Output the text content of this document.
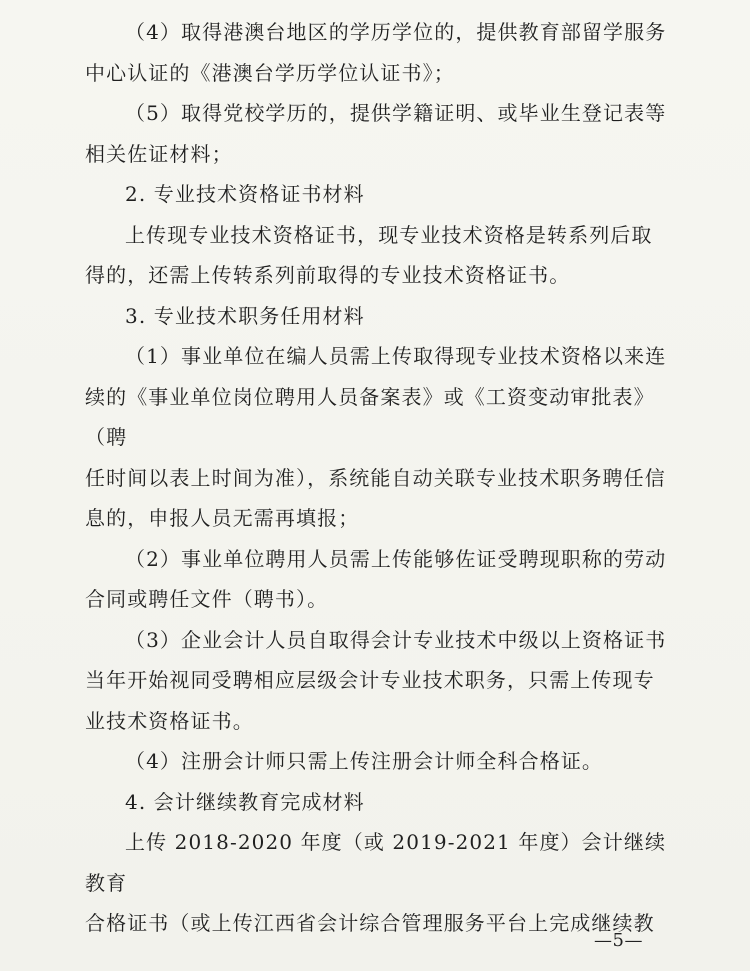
（4）取得港澳台地区的学历学位的，提供教育部留学服务

中心认证的《港澳台学历学位认证书》；

（5）取得党校学历的，提供学籍证明、或毕业生登记表等

相关佐证材料；

2. 专业技术资格证书材料

上传现专业技术资格证书，现专业技术资格是转系列后取

得的，还需上传转系列前取得的专业技术资格证书。

3. 专业技术职务任用材料

（1）事业单位在编人员需上传取得现专业技术资格以来连

续的《事业单位岗位聘用人员备案表》或《工资变动审批表》（聘

任时间以表上时间为准），系统能自动关联专业技术职务聘任信

息的，申报人员无需再填报；

（2）事业单位聘用人员需上传能够佐证受聘现职称的劳动

合同或聘任文件（聘书）。

（3）企业会计人员自取得会计专业技术中级以上资格证书

当年开始视同受聘相应层级会计专业技术职务，只需上传现专

业技术资格证书。

（4）注册会计师只需上传注册会计师全科合格证。

4. 会计继续教育完成材料

上传 2018-2020 年度（或 2019-2021 年度）会计继续教育

合格证书（或上传江西省会计综合管理服务平台上完成继续教

—5—
